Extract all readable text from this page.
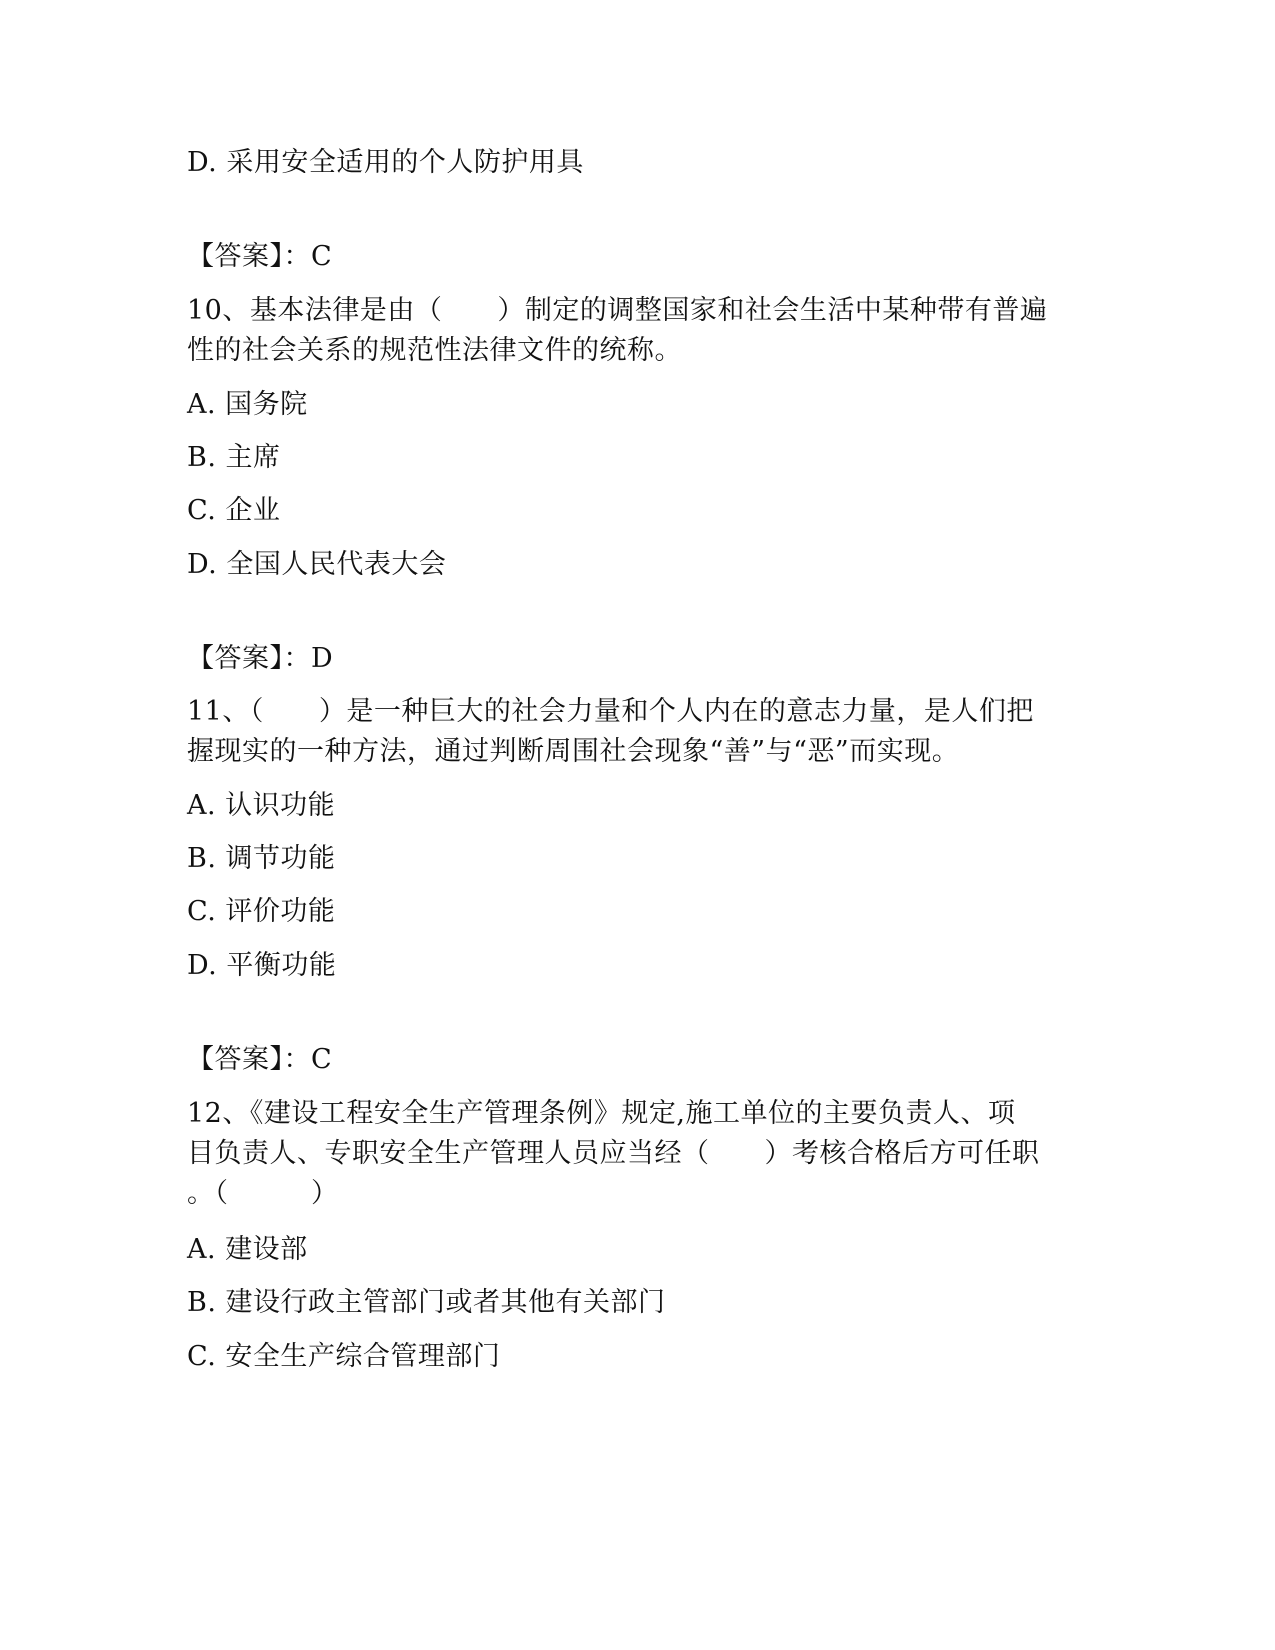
D. 采用安全适用的个人防护用具

【答案】：C

10、基本法律是由（　　）制定的调整国家和社会生活中某种带有普遍

性的社会关系的规范性法律文件的统称。

A. 国务院

B. 主席

C. 企业

D. 全国人民代表大会

【答案】：D

11、（　　）是一种巨大的社会力量和个人内在的意志力量，是人们把

握现实的一种方法，通过判断周围社会现象“善”与“恶”而实现。

A. 认识功能

B. 调节功能

C. 评价功能

D. 平衡功能

【答案】：C

12、《建设工程安全生产管理条例》规定,施工单位的主要负责人、项

目负责人、专职安全生产管理人员应当经（　　）考核合格后方可任职

。（　　　）

A. 建设部

B. 建设行政主管部门或者其他有关部门

C. 安全生产综合管理部门
